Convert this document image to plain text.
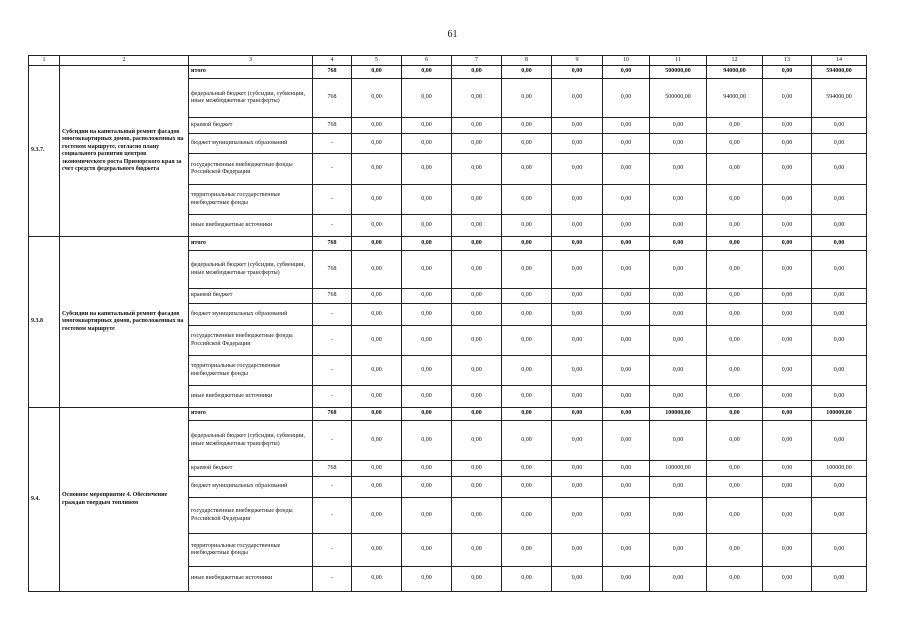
61
1	2	3	4	5	6	7	8	9	10	11	12	13	14
9.3.7.	Субсидии на капитальный ремонт фасадов многоквартирных домов, расположенных на гостевом маршруте, согласно плану социального развития центров экономического роста Приморского края за счет средств федерального бюджета	итого	768	0,00	0,00	0,00	0,00	0,00	0,00	500000,00	94000,00	0,00	594000,00
		федеральный бюджет (субсидии, субвенции, иные межбюджетные трансферты)	768	0,00	0,00	0,00	0,00	0,00	0,00	500000,00	94000,00	0,00	594000,00
		краевой бюджет	768	0,00	0,00	0,00	0,00	0,00	0,00	0,00	0,00	0,00	0,00
		бюджет муниципальных образований	-	0,00	0,00	0,00	0,00	0,00	0,00	0,00	0,00	0,00	0,00
		государственные внебюджетные фонды Российской Федерации	-	0,00	0,00	0,00	0,00	0,00	0,00	0,00	0,00	0,00	0,00
		территориальные государственные внебюджетные фонды	-	0,00	0,00	0,00	0,00	0,00	0,00	0,00	0,00	0,00	0,00
		иные внебюджетные источники	-	0,00	0,00	0,00	0,00	0,00	0,00	0,00	0,00	0,00	0,00
9.3.8	Субсидии на капитальный ремонт фасадов многоквартирных домов, расположенных на гостевом маршруте	итого	768	0,00	0,00	0,00	0,00	0,00	0,00	0,00	0,00	0,00	0,00
		федеральный бюджет (субсидии, субвенции, иные межбюджетные трансферты)	768	0,00	0,00	0,00	0,00	0,00	0,00	0,00	0,00	0,00	0,00
		краевой бюджет	768	0,00	0,00	0,00	0,00	0,00	0,00	0,00	0,00	0,00	0,00
		бюджет муниципальных образований	-	0,00	0,00	0,00	0,00	0,00	0,00	0,00	0,00	0,00	0,00
		государственные внебюджетные фонды Российской Федерации	-	0,00	0,00	0,00	0,00	0,00	0,00	0,00	0,00	0,00	0,00
		территориальные государственные внебюджетные фонды	-	0,00	0,00	0,00	0,00	0,00	0,00	0,00	0,00	0,00	0,00
		иные внебюджетные источники	-	0,00	0,00	0,00	0,00	0,00	0,00	0,00	0,00	0,00	0,00
9.4.	Основное мероприятие 4. Обеспечение граждан твердым топливом	итого	768	0,00	0,00	0,00	0,00	0,00	0,00	100000,00	0,00	0,00	100000,00
		федеральный бюджет (субсидии, субвенции, иные межбюджетные трансферты)	-	0,00	0,00	0,00	0,00	0,00	0,00	0,00	0,00	0,00	0,00
		краевой бюджет	768	0,00	0,00	0,00	0,00	0,00	0,00	100000,00	0,00	0,00	100000,00
		бюджет муниципальных образований	-	0,00	0,00	0,00	0,00	0,00	0,00	0,00	0,00	0,00	0,00
		государственные внебюджетные фонды Российской Федерации	-	0,00	0,00	0,00	0,00	0,00	0,00	0,00	0,00	0,00	0,00
		территориальные государственные внебюджетные фонды	-	0,00	0,00	0,00	0,00	0,00	0,00	0,00	0,00	0,00	0,00
		иные внебюджетные источники	-	0,00	0,00	0,00	0,00	0,00	0,00	0,00	0,00	0,00	0,00
